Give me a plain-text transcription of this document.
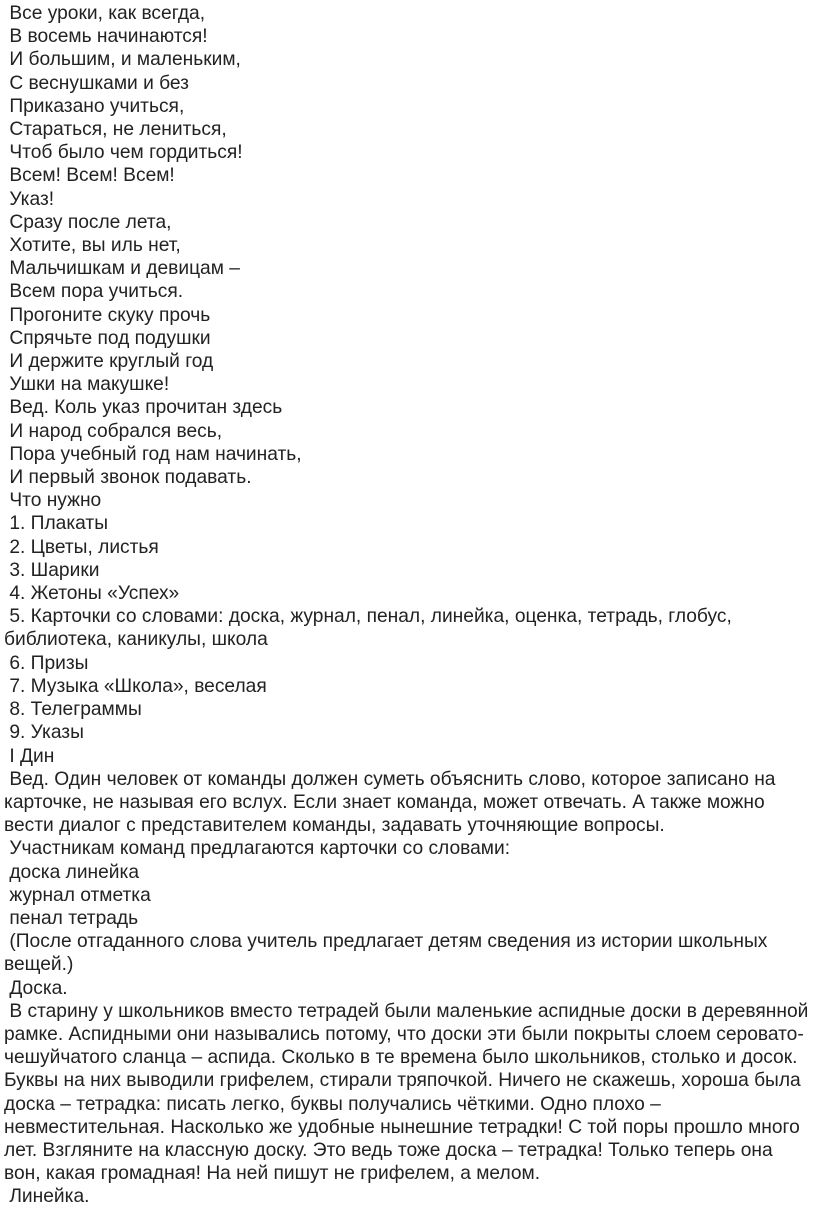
Все уроки, как всегда,

В восемь начинаются!

И большим, и маленьким,

С веснушками и без

Приказано учиться,

Стараться, не лениться,

Чтоб было чем гордиться!

Всем! Всем! Всем!

Указ!

Сразу после лета,

Хотите, вы иль нет,

Мальчишкам и девицам –

Всем пора учиться.

Прогоните скуку прочь

Спрячьте под подушки

И держите круглый год

Ушки на макушке!

Вед. Коль указ прочитан здесь

И народ собрался весь,

Пора учебный год нам начинать,

И первый звонок подавать.

Что нужно

1. Плакаты

2. Цветы, листья

3. Шарики

4. Жетоны «Успех»

5. Карточки со словами: доска, журнал, пенал, линейка, оценка, тетрадь, глобус, библиотека, каникулы, школа

6. Призы

7. Музыка «Школа», веселая

8. Телеграммы

9. Указы

I Дин

Вед. Один человек от команды должен суметь объяснить слово, которое записано на карточке, не называя его вслух. Если знает команда, может отвечать. А также можно вести диалог с представителем команды, задавать уточняющие вопросы.

Участникам команд предлагаются карточки со словами:

доска линейка

журнал отметка

пенал тетрадь

(После отгаданного слова учитель предлагает детям сведения из истории школьных вещей.)

Доска.

В старину у школьников вместо тетрадей были маленькие аспидные доски в деревянной рамке. Аспидными они назывались потому, что доски эти были покрыты слоем серовато-чешуйчатого сланца – аспида. Сколько в те времена было школьников, столько и досок. Буквы на них выводили грифелем, стирали тряпочкой. Ничего не скажешь, хороша была доска – тетрадка: писать легко, буквы получались чёткими. Одно плохо – невместительная. Насколько же удобные нынешние тетрадки! С той поры прошло много лет. Взгляните на классную доску. Это ведь тоже доска – тетрадка! Только теперь она вон, какая громадная! На ней пишут не грифелем, а мелом.

Линейка.
